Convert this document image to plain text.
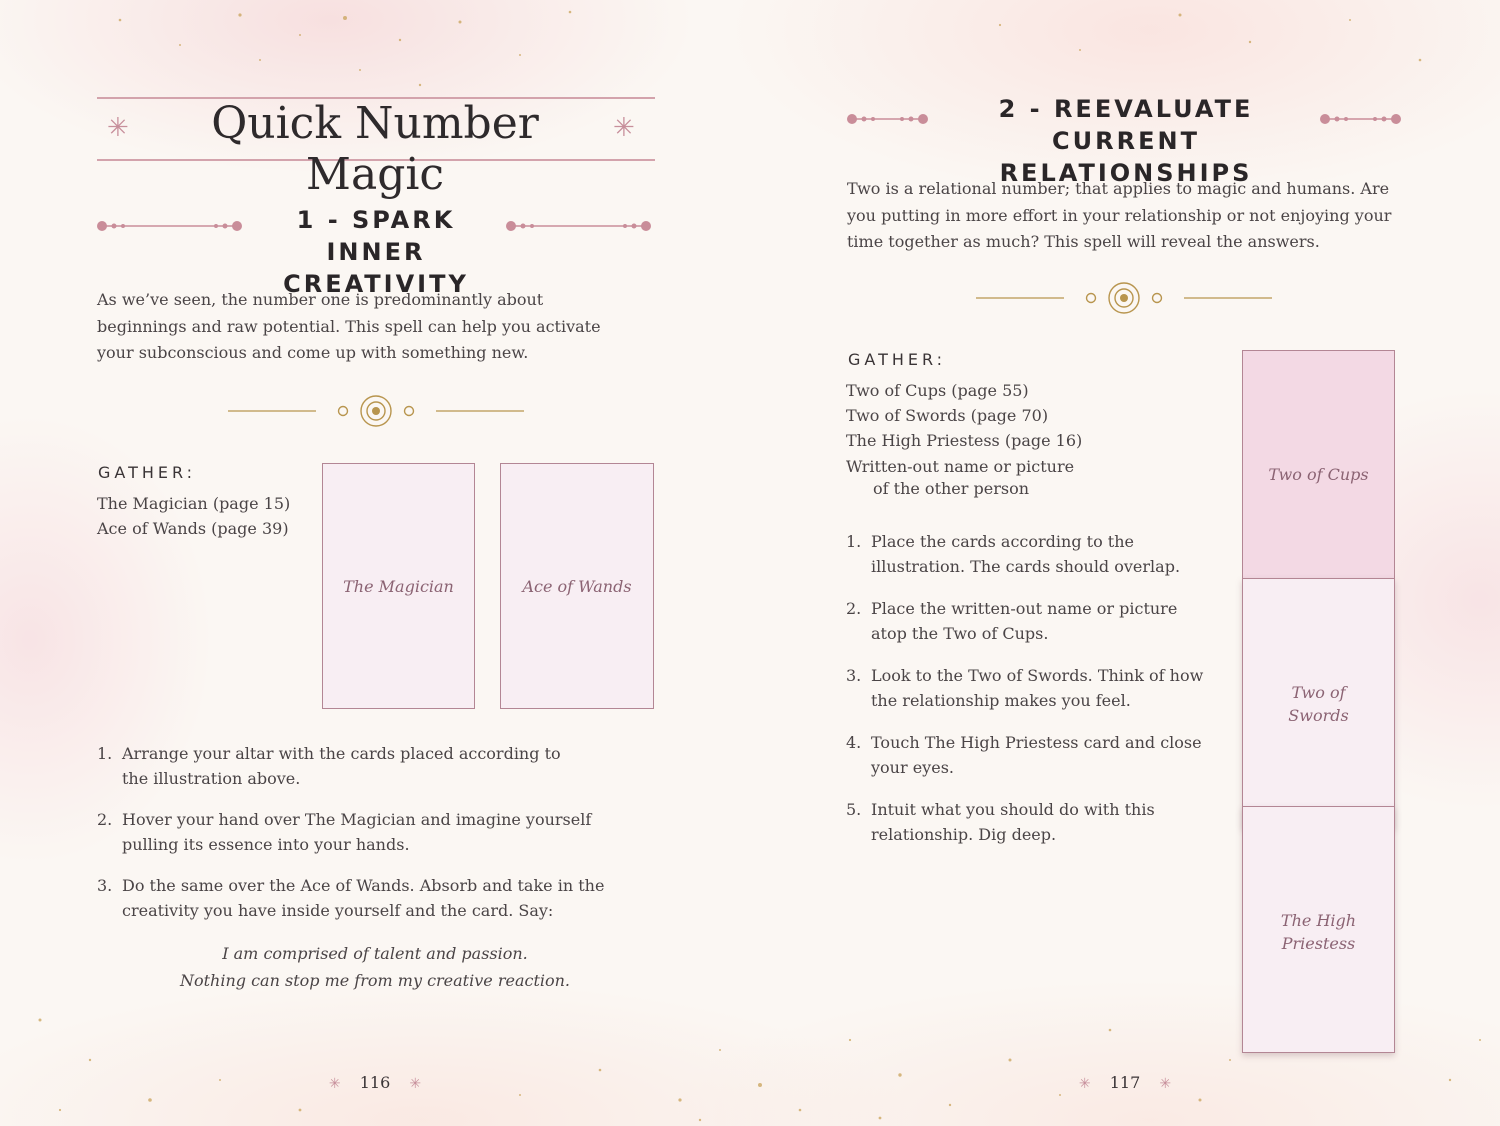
✳	✳
Quick Number Magic
1 - SPARK INNER
CREATIVITY
As we’ve seen, the number one is predominantly about
beginnings and raw potential. This spell can help you activate
your subconscious and come up with something new.
GATHER:
The Magician (page 15)
Ace of Wands (page 39)
The Magician	Ace of Wands
1. Arrange your altar with the cards placed according to
the illustration above.
2. Hover your hand over The Magician and imagine yourself
pulling its essence into your hands.
3. Do the same over the Ace of Wands. Absorb and take in the
creativity you have inside yourself and the card. Say:
I am comprised of talent and passion.
Nothing can stop me from my creative reaction.
✳ 116 ✳
2 - REEVALUATE
CURRENT RELATIONSHIPS
Two is a relational number; that applies to magic and humans. Are
you putting in more effort in your relationship or not enjoying your
time together as much? This spell will reveal the answers.
GATHER:
Two of Cups (page 55)
Two of Swords (page 70)
The High Priestess (page 16)
Written-out name or picture
of the other person
1. Place the cards according to the
illustration. The cards should overlap.
2. Place the written-out name or picture
atop the Two of Cups.
3. Look to the Two of Swords. Think of how
the relationship makes you feel.
4. Touch The High Priestess card and close
your eyes.
5. Intuit what you should do with this
relationship. Dig deep.
Two of Cups
Two of
Swords
The High
Priestess
✳ 117 ✳
